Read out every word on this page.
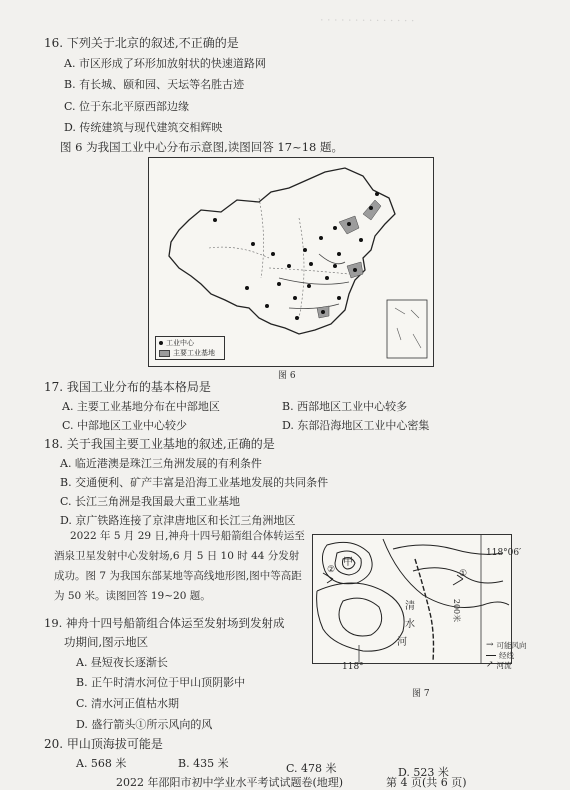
· · · · · · · · · · · · · ·
16. 下列关于北京的叙述,不正确的是
A. 市区形成了环形加放射状的快速道路网
B. 有长城、颐和园、天坛等名胜古迹
C. 位于东北平原西部边缘
D. 传统建筑与现代建筑交相辉映
图 6 为我国工业中心分布示意图,读图回答 17~18 题。
工业中心
主要工业基地
图 6
17. 我国工业分布的基本格局是
A. 主要工业基地分布在中部地区	B. 西部地区工业中心较多
C. 中部地区工业中心较少	D. 东部沿海地区工业中心密集
18. 关于我国主要工业基地的叙述,正确的是
A. 临近港澳是珠江三角洲发展的有利条件
B. 交通便利、矿产丰富是沿海工业基地发展的共同条件
C. 长江三角洲是我国最大重工业基地
D. 京广铁路连接了京津唐地区和长江三角洲地区
2022 年 5 月 29 日,神舟十四号船箭组合体转运至酒泉卫星发射中心发射场,6 月 5 日 10 时 44 分发射成功。图 7 为我国东部某地等高线地形图,图中等高距为 50 米。读图回答 19~20 题。
19. 神舟十四号船箭组合体运至发射场到发射成
功期间,图示地区
A. 昼短夜长逐渐长
B. 正午时清水河位于甲山顶阴影中
C. 清水河正值枯水期
D. 盛行箭头①所示风向的风
20. 甲山顶海拔可能是
A. 568 米	B. 435 米	C. 478 米	D. 523 米
甲
①
②
清
水
河
200米
118°06′
118°
图 7
→ 可能风向
经线
↗ 河流
2022 年邵阳市初中学业水平考试试题卷(地理)	第 4 页(共 6 页)
